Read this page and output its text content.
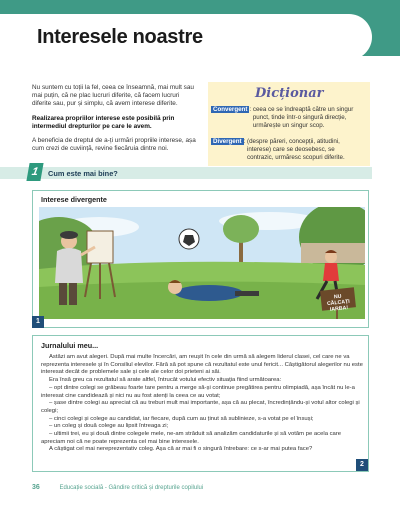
Interesele noastre

Nu suntem cu toții la fel, ceea ce înseamnă, mai mult sau mai puțin, că ne plac lucruri diferite, că facem lucruri diferite sau, pur și simplu, că avem interese diferite.

Realizarea propriilor interese este posibilă prin intermediul drepturilor pe care le avem.

A beneficia de dreptul de a-ți urmări propriile interese, așa cum crezi de cuviință, revine fiecăruia dintre noi.

Dicționar
Convergent : ceea ce se îndreaptă către un singur punct, tinde într-o singură direcție, urmărește un singur scop.
Divergent : (despre păreri, concepții, atitudini, interese) care se deosebesc, se contrazic, urmăresc scopuri diferite.
1	Cum este mai bine?
Interese divergente
NU
CĂLCAȚI
IARBA!
1
Jurnalului meu...

Astăzi am avut alegeri. După mai multe încercări, am reușit în cele din urmă să alegem liderul clasei, cel care ne va reprezenta interesele și în Consiliul elevilor. Fără să pot spune că rezultatul este unul fericit... Câștigătorul alegerilor nu este interesat decât de problemele sale și cele ale celor doi prieteni ai săi.

Era însă greu ca rezultatul să arate altfel, întrucât votului efectiv situația fiind următoarea:

– opt dintre colegi se grăbeau foarte tare pentru a merge să-și continue pregătirea pentru olimpiadă, așa încât nu le-a interesat cine candidează și nici nu au fost atenți la ceea ce au votat;

– șase dintre colegi au apreciat că au treburi mult mai importante, așa că au plecat, încredințându-și votul altor colegi și colegi;

– cinci colegi și colege au candidat, iar fiecare, după cum au ținut să sublinieze, s-a votat pe el însuși;

– un coleg și două colege au lipsit întreaga zi;

– ultimii trei, eu și două dintre colegele mele, ne-am străduit să analizăm candidaturile și să votăm pe acela care apreciam noi că ne poate reprezenta cel mai bine interesele.

A câștigat cel mai nereprezentativ coleg. Așa că ar mai fi o singură întrebare: ce s-ar mai putea face?

2
36	Educație socială - Gândire critică și drepturile copilului
